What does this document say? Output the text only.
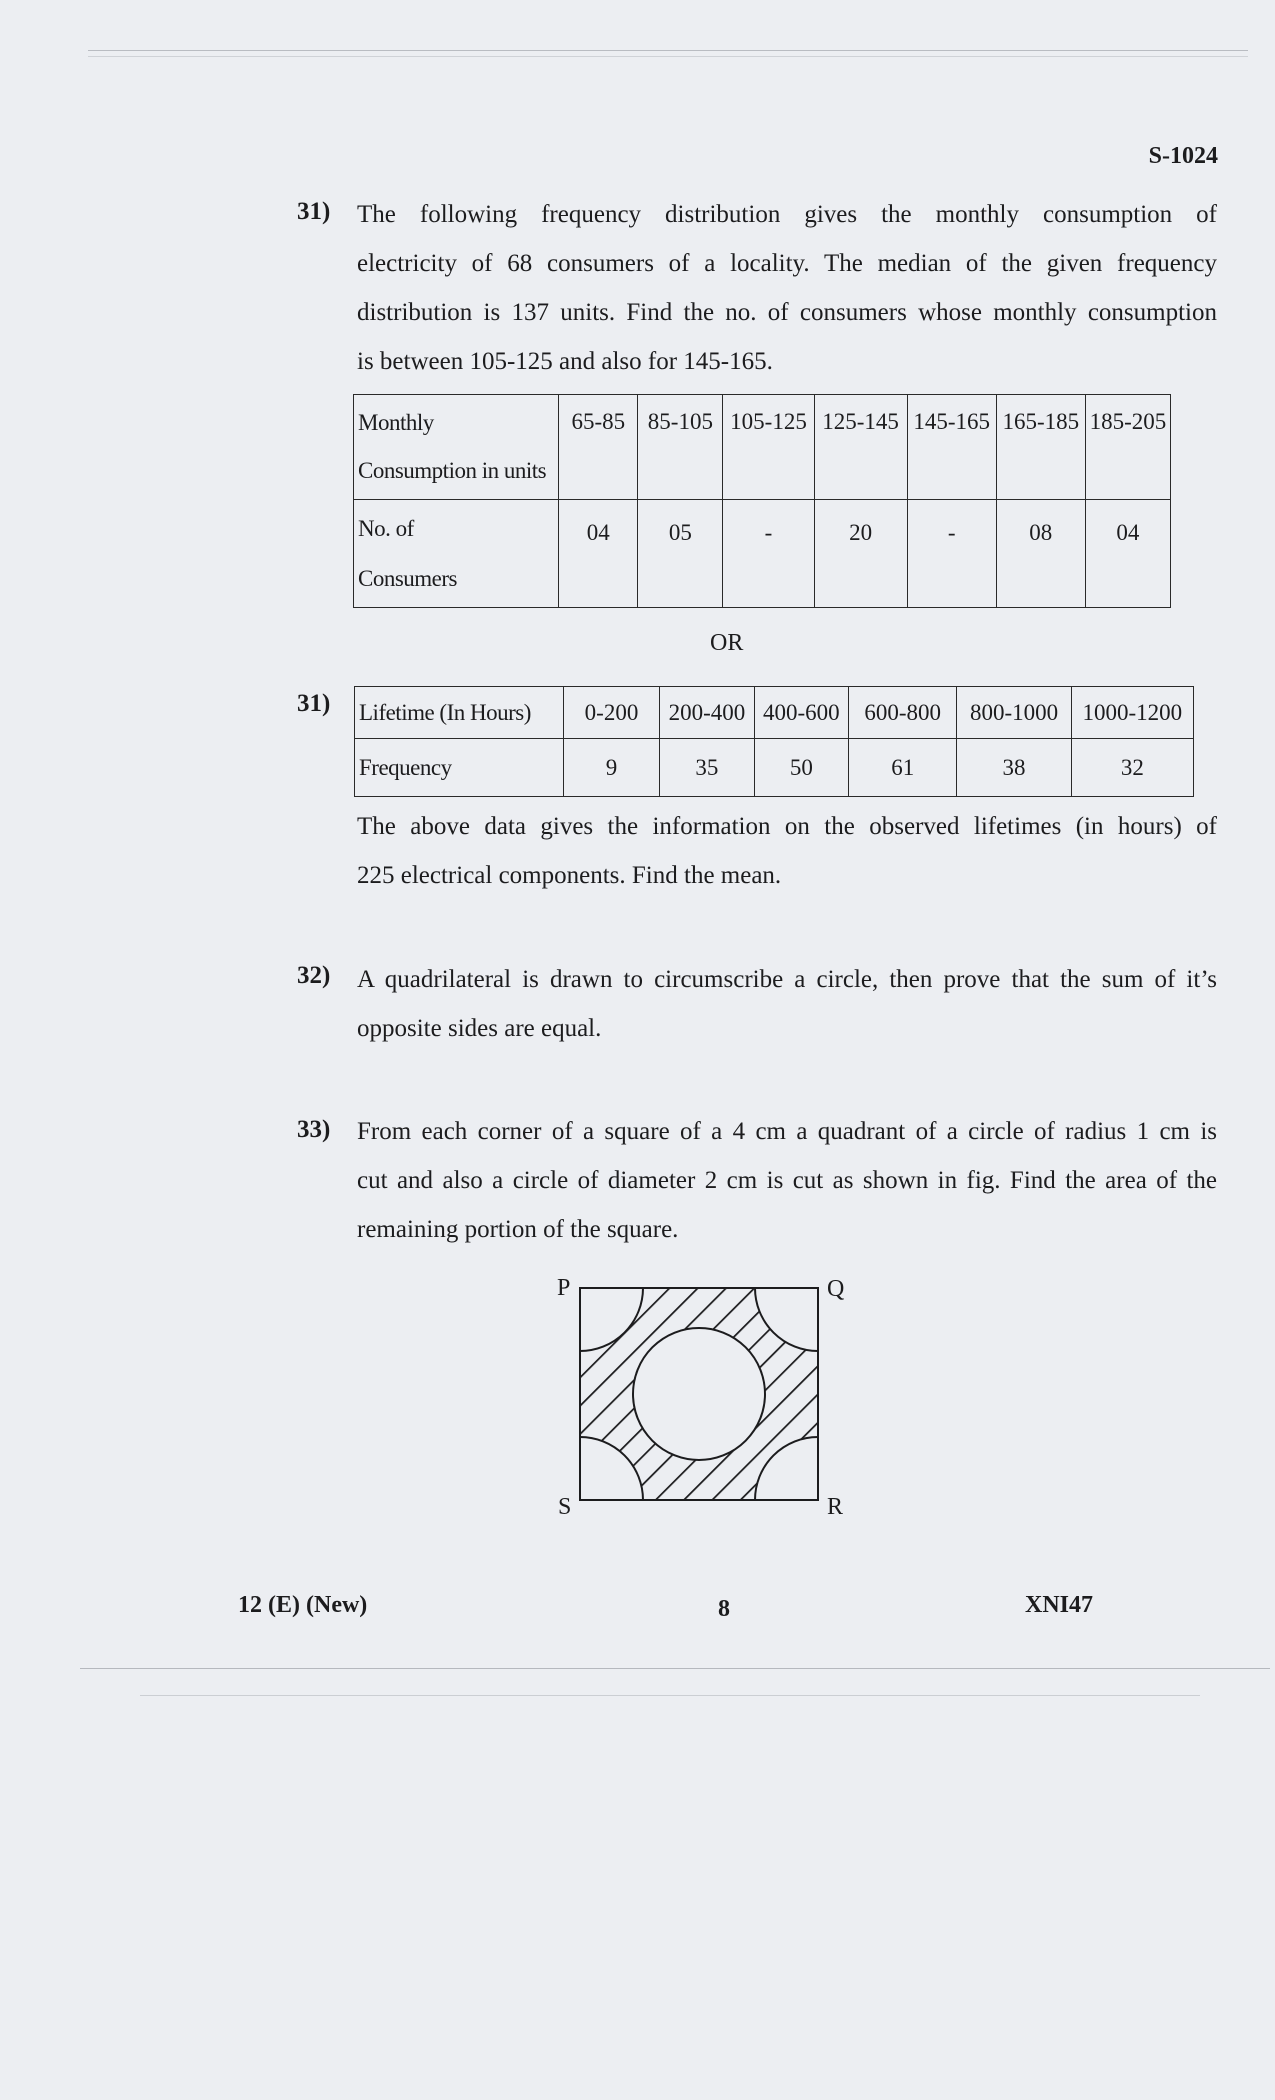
S-1024
31) The following frequency distribution gives the monthly consumption of
electricity of 68 consumers of a locality. The median of the given frequency
distribution is 137 units. Find the no. of consumers whose monthly consumption
is between 105-125 and also for 145-165.
Monthly
Consumption in units	65-85	85-105	105-125	125-145	145-165	165-185	185-205

No. of
Consumers	04	05	-	20	-	08	04
OR
31) Lifetime (In Hours)	0-200	200-400	400-600	600-800	800-1000	1000-1200
Frequency	9	35	50	61	38	32
The above data gives the information on the observed lifetimes (in hours) of
225 electrical components. Find the mean.
32) A quadrilateral is drawn to circumscribe a circle, then prove that the sum of it’s
opposite sides are equal.
33) From each corner of a square of a 4 cm a quadrant of a circle of radius 1 cm is
cut and also a circle of diameter 2 cm is cut as shown in fig. Find the area of the
remaining portion of the square.
P	Q
R
S
12 (E) (New)	8	XNI47
